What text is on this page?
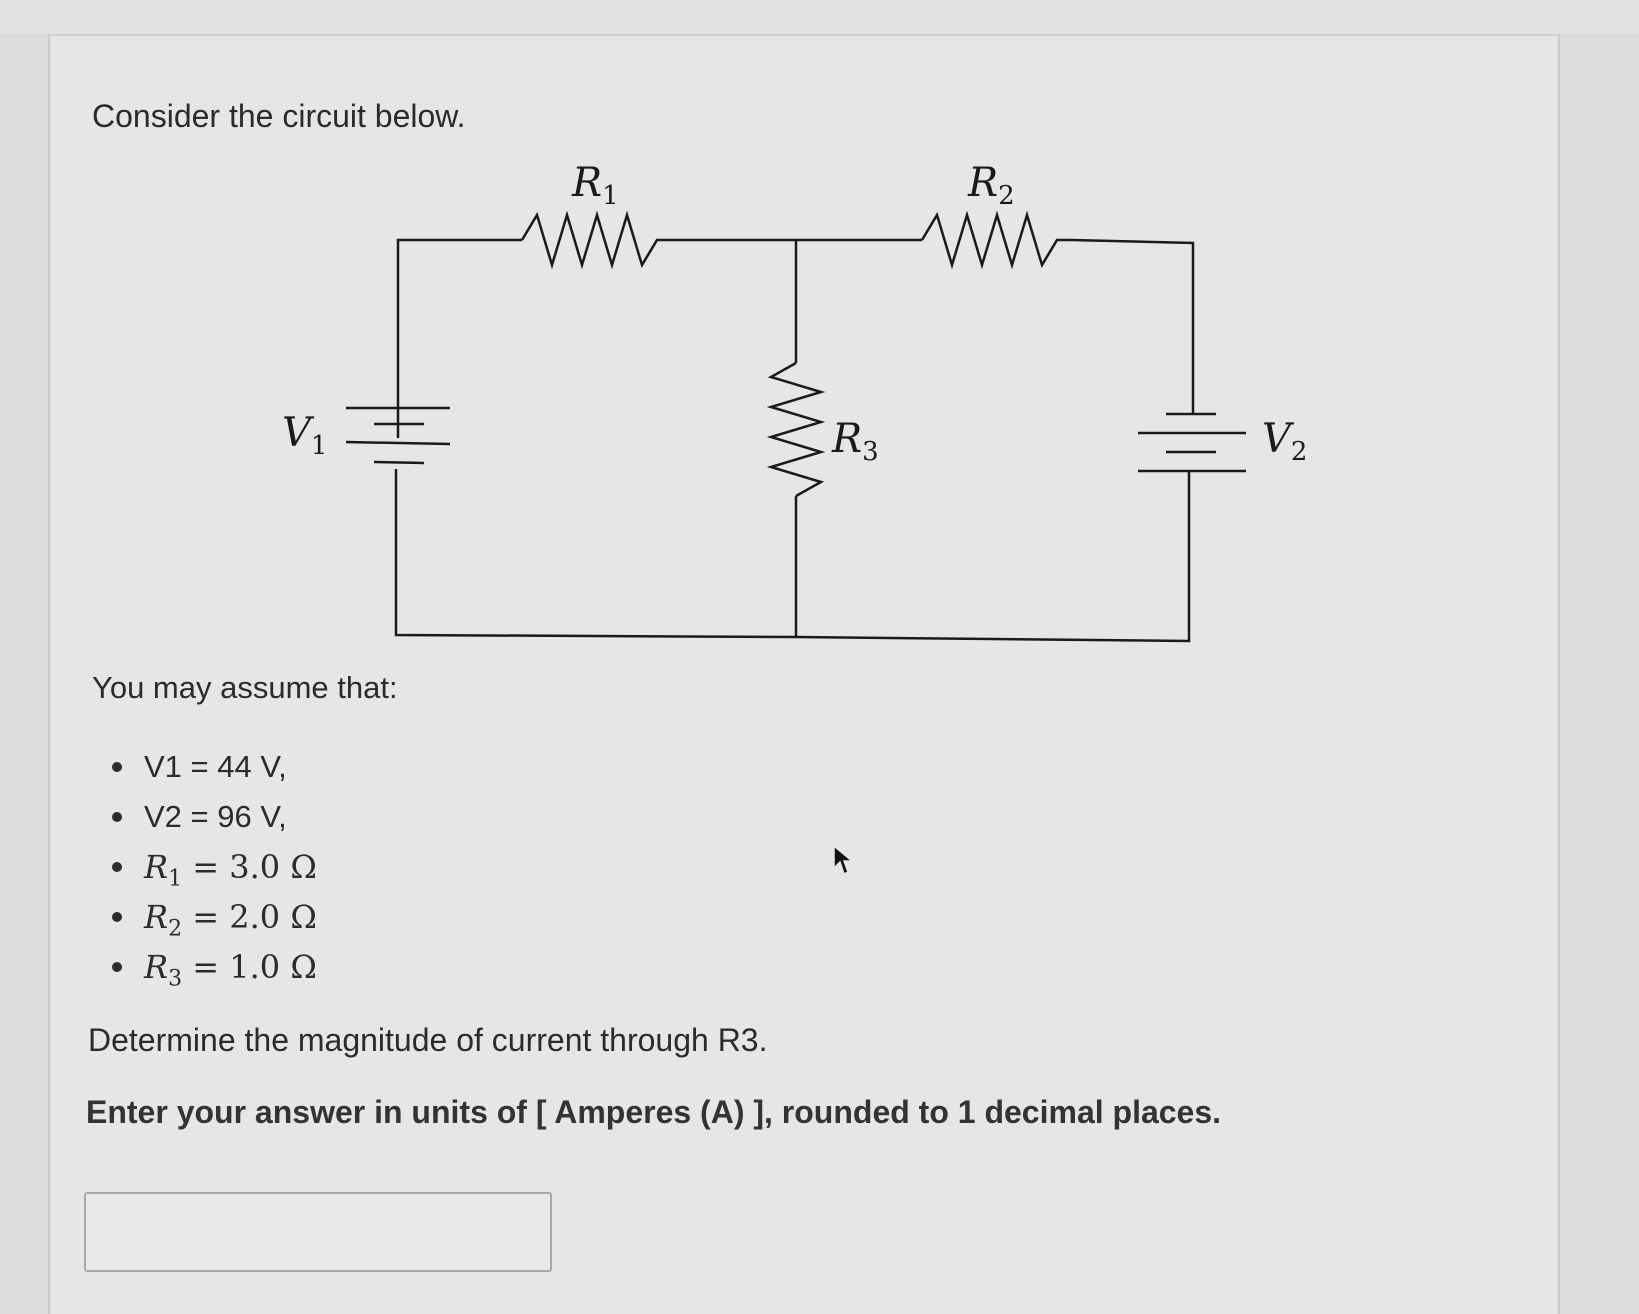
Consider the circuit below.
$R_1$	$R_2$
$R_3$
$V_1$	$V_2$
You may assume that:
V1 = 44 V,
V2 = 96 V,
$R_1 = 3.0$ Ω
$R_2 = 2.0$ Ω
$R_3 = 1.0$ Ω
Determine the magnitude of current through R3.
Enter your answer in units of [ Amperes (A) ], rounded to 1 decimal places.
